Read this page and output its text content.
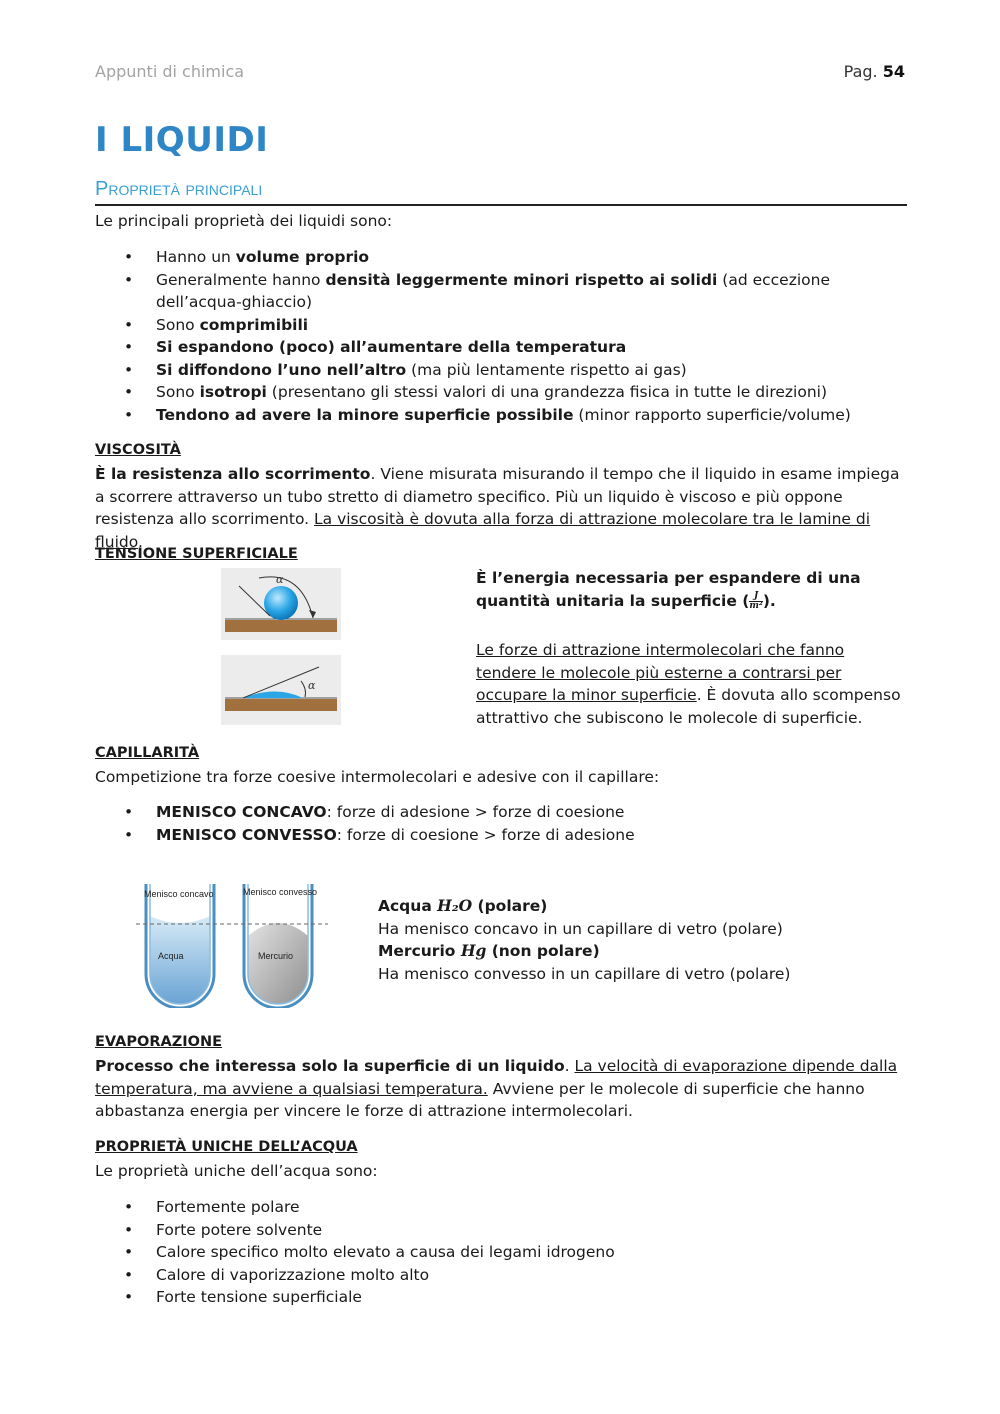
Appunti di chimica	Pag. 54
I LIQUIDI
Proprietà principali
Le principali proprietà dei liquidi sono:
• Hanno un volume proprio
• Generalmente hanno densità leggermente minori rispetto ai solidi (ad eccezione dell’acqua-ghiaccio)
• Sono comprimibili
• Si espandono (poco) all’aumentare della temperatura
• Si diffondono l’uno nell’altro (ma più lentamente rispetto ai gas)
• Sono isotropi (presentano gli stessi valori di una grandezza fisica in tutte le direzioni)
• Tendono ad avere la minore superficie possibile (minor rapporto superficie/volume)
VISCOSITÀ
È la resistenza allo scorrimento. Viene misurata misurando il tempo che il liquido in esame impiega a scorrere attraverso un tubo stretto di diametro specifico. Più un liquido è viscoso e più oppone resistenza allo scorrimento. La viscosità è dovuta alla forza di attrazione molecolare tra le lamine di fluido.
TENSIONE SUPERFICIALE
α
α
È l’energia necessaria per espandere di una quantità unitaria la superficie ( $\frac{J}{\text{m²}}$ ).
Le forze di attrazione intermolecolari che fanno tendere le molecole più esterne a contrarsi per occupare la minor superficie. È dovuta allo scompenso attrattivo che subiscono le molecole di superficie.
CAPILLARITÀ
Competizione tra forze coesive intermolecolari e adesive con il capillare:
• MENISCO CONCAVO: forze di adesione > forze di coesione
• MENISCO CONVESSO: forze di coesione > forze di adesione
Menisco concavo	Menisco convesso
Acqua	Mercurio
Acqua H₂O (polare)
Ha menisco concavo in un capillare di vetro (polare)
Mercurio Hg (non polare)
Ha menisco convesso in un capillare di vetro (polare)
EVAPORAZIONE
Processo che interessa solo la superficie di un liquido. La velocità di evaporazione dipende dalla temperatura, ma avviene a qualsiasi temperatura. Avviene per le molecole di superficie che hanno abbastanza energia per vincere le forze di attrazione intermolecolari.
PROPRIETÀ UNICHE DELL’ACQUA
Le proprietà uniche dell’acqua sono:
• Fortemente polare
• Forte potere solvente
• Calore specifico molto elevato a causa dei legami idrogeno
• Calore di vaporizzazione molto alto
• Forte tensione superficiale
